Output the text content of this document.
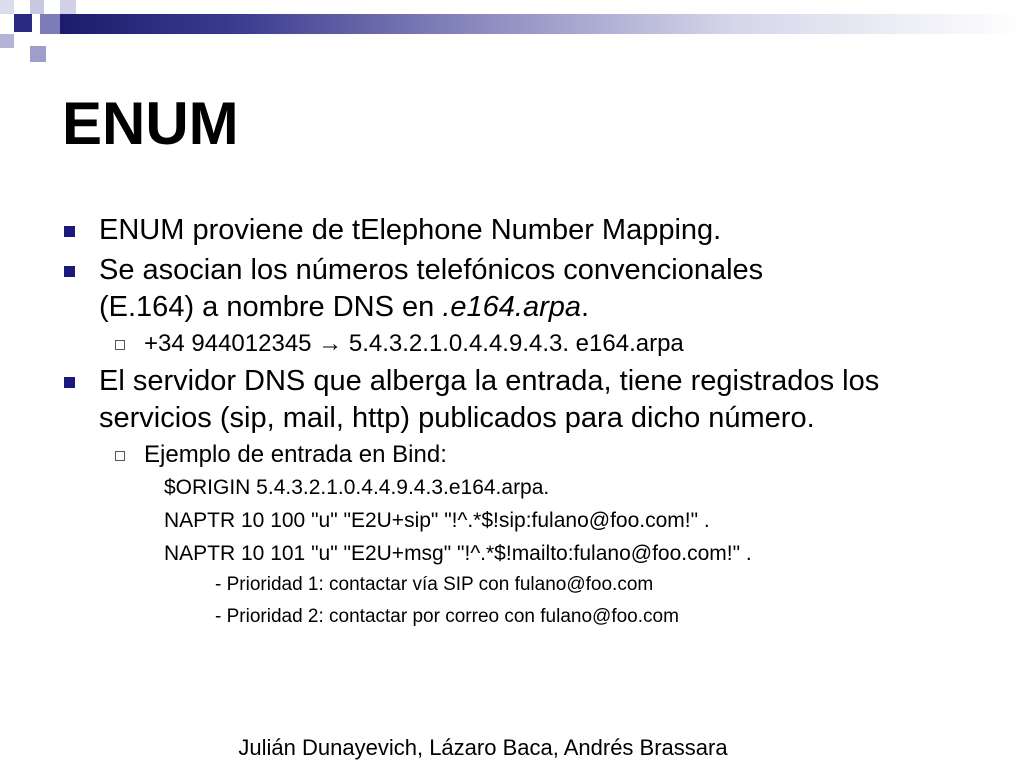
ENUM
ENUM proviene de tElephone Number Mapping.
Se asocian los números telefónicos convencionales
(E.164) a nombre DNS en .e164.arpa.
+34 944012345 → 5.4.3.2.1.0.4.4.9.4.3. e164.arpa
El servidor DNS que alberga la entrada, tiene registrados los servicios (sip, mail, http) publicados para dicho número.
Ejemplo de entrada en Bind:
$ORIGIN 5.4.3.2.1.0.4.4.9.4.3.e164.arpa.
NAPTR 10 100 "u" "E2U+sip" "!^.*$!sip:fulano@foo.com!" .
NAPTR 10 101 "u" "E2U+msg" "!^.*$!mailto:fulano@foo.com!" .
- Prioridad 1: contactar vía SIP con fulano@foo.com
- Prioridad 2: contactar por correo con fulano@foo.com
Julián Dunayevich, Lázaro Baca, Andrés Brassara
